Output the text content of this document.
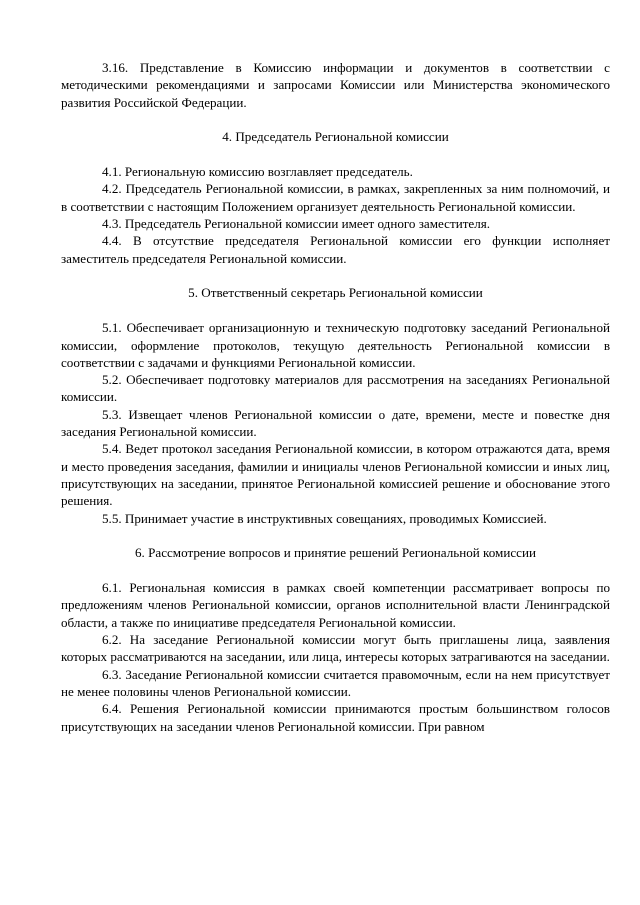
3.16. Представление в Комиссию информации и документов в соответствии с методическими рекомендациями и запросами Комиссии или Министерства экономического развития Российской Федерации.

4. Председатель Региональной комиссии

4.1. Региональную комиссию возглавляет председатель.

4.2. Председатель Региональной комиссии, в рамках, закрепленных за ним полномочий, и в соответствии с настоящим Положением организует деятельность Региональной комиссии.

4.3. Председатель Региональной комиссии имеет одного заместителя.

4.4. В отсутствие председателя Региональной комиссии его функции исполняет заместитель председателя Региональной комиссии.

5. Ответственный секретарь Региональной комиссии

5.1. Обеспечивает организационную и техническую подготовку заседаний Региональной комиссии, оформление протоколов, текущую деятельность Региональной комиссии в соответствии с задачами и функциями Региональной комиссии.

5.2. Обеспечивает подготовку материалов для рассмотрения на заседаниях Региональной комиссии.

5.3. Извещает членов Региональной комиссии о дате, времени, месте и повестке дня заседания Региональной комиссии.

5.4. Ведет протокол заседания Региональной комиссии, в котором отражаются дата, время и место проведения заседания, фамилии и инициалы членов Региональной комиссии и иных лиц, присутствующих на заседании, принятое Региональной комиссией решение и обоснование этого решения.

5.5. Принимает участие в инструктивных совещаниях, проводимых Комиссией.

6. Рассмотрение вопросов и принятие решений Региональной комиссии

6.1. Региональная комиссия в рамках своей компетенции рассматривает вопросы по предложениям членов Региональной комиссии, органов исполнительной власти Ленинградской области, а также по инициативе председателя Региональной комиссии.

6.2. На заседание Региональной комиссии могут быть приглашены лица, заявления которых рассматриваются на заседании, или лица, интересы которых затрагиваются на заседании.

6.3. Заседание Региональной комиссии считается правомочным, если на нем присутствует не менее половины членов Региональной комиссии.

6.4. Решения Региональной комиссии принимаются простым большинством голосов присутствующих на заседании членов Региональной комиссии. При равном
